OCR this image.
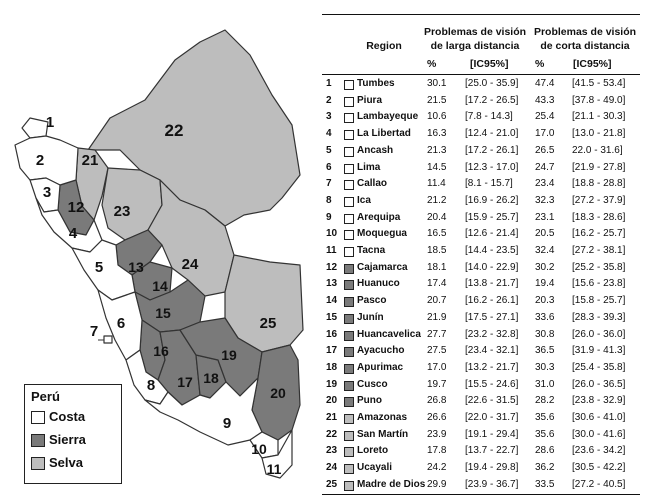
1
2
3
4
5
6
7
8
9
10
11
12
13
14
15
16
17 18
19
20
21
22
23
24
25
Perú
Costa
Sierra
Selva
Region
Problemas de visión
de larga distancia
Problemas de visión
de corta distancia
%	[IC95%]	%	[IC95%]
1	Tumbes	30.1 [25.0 - 35.9] 47.4 [41.5 - 53.4]
2	Piura	21.5 [17.2 - 26.5] 43.3 [37.8 - 49.0]
3	Lambayeque 10.6 [7.8 - 14.3] 25.4 [21.1 - 30.3]
4	La Libertad 16.3 [12.4 - 21.0] 17.0 [13.0 - 21.8]
5	Ancash	21.3 [17.2 - 26.1] 26.5 22.0 - 31.6]
6	Lima	14.5 [12.3 - 17.0] 24.7 [21.9 - 27.8]
7	Callao	11.4 [8.1 - 15.7] 23.4 [18.8 - 28.8]
8	Ica	21.2 [16.9 - 26.2] 32.3 [27.2 - 37.9]
9	Arequipa	20.4 [15.9 - 25.7] 23.1 [18.3 - 28.6]
10 Moquegua 16.5 [12.6 - 21.4] 20.5 [16.2 - 25.7]
11 Tacna	18.5 [14.4 - 23.5] 32.4 [27.2 - 38.1]
12 Cajamarca 18.1 [14.0 - 22.9] 30.2 [25.2 - 35.8]
13 Huanuco	17.4 [13.8 - 21.7] 19.4 [15.6 - 23.8]
14 Pasco	20.7 [16.2 - 26.1] 20.3 [15.8 - 25.7]
15 Junín	21.9 [17.5 - 27.1] 33.6 [28.3 - 39.3]
16 Huancavelica 27.7 [23.2 - 32.8] 30.8 [26.0 - 36.0]
17 Ayacucho 27.5 [23.4 - 32.1] 36.5 [31.9 - 41.3]
18 Apurimac 17.0 [13.2 - 21.7] 30.3 [25.4 - 35.8]
19 Cusco	19.7 [15.5 - 24.6] 31.0 [26.0 - 36.5]
20 Puno	26.8 [22.6 - 31.5] 28.2 [23.8 - 32.9]
21 Amazonas 26.6 [22.0 - 31.7] 35.6 [30.6 - 41.0]
22 San Martín 23.9 [19.1 - 29.4] 35.6 [30.0 - 41.6]
23 Loreto	17.8 [13.7 - 22.7] 28.6 [23.6 - 34.2]
24 Ucayali	24.2 [19.4 - 29.8] 36.2 [30.5 - 42.2]
25 Madre de Dios 29.9 [23.9 - 36.7] 33.5 [27.2 - 40.5]
